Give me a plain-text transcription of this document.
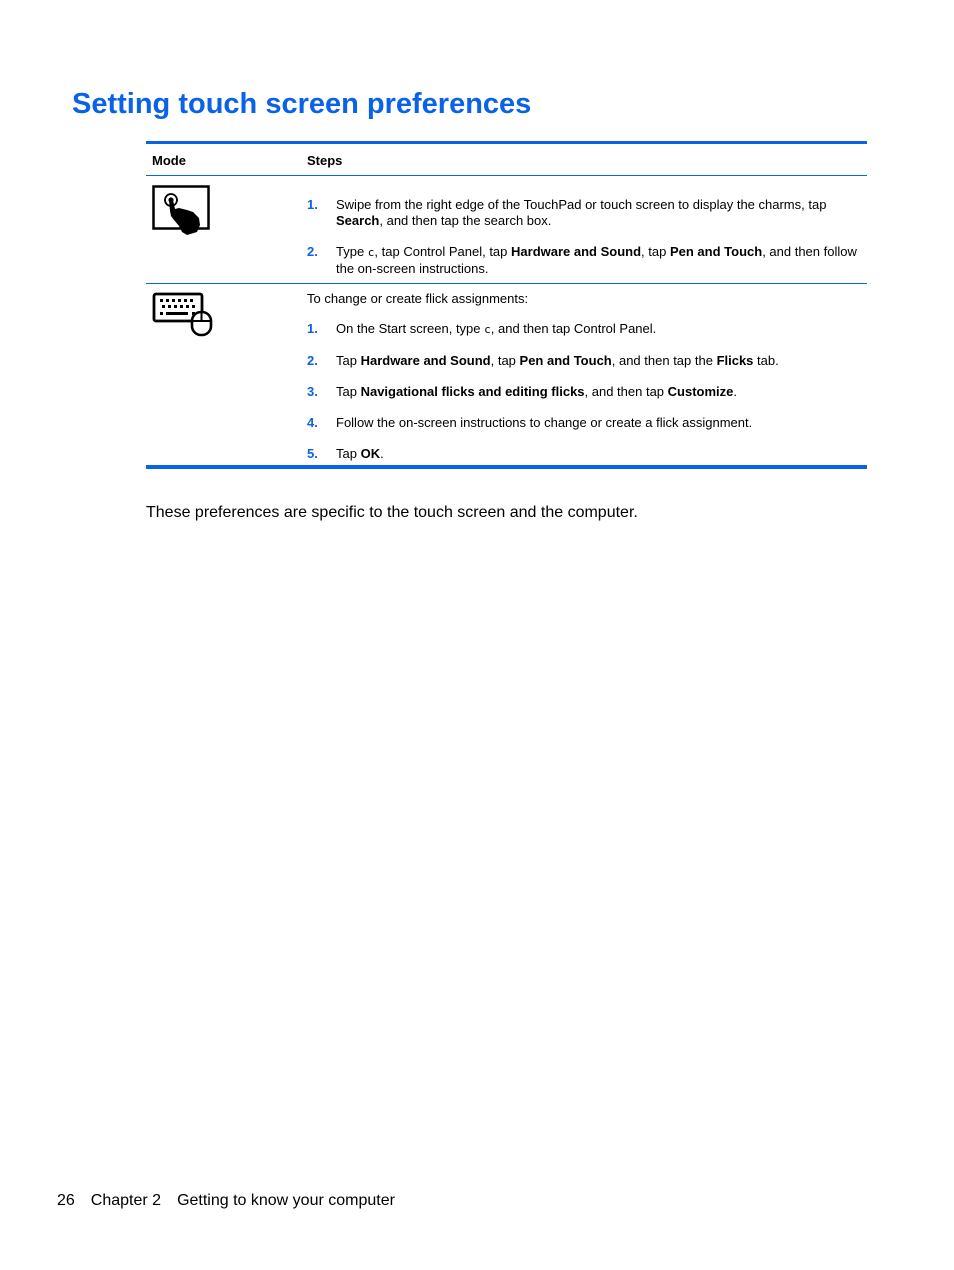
Setting touch screen preferences
Mode	Steps
1. Swipe from the right edge of the TouchPad or touch screen to display the charms, tap Search, and then tap the search box.
2. Type c, tap Control Panel, tap Hardware and Sound, tap Pen and Touch, and then follow the on-screen instructions.

To change or create flick assignments:

1. On the Start screen, type c, and then tap Control Panel.
2. Tap Hardware and Sound, tap Pen and Touch, and then tap the Flicks tab.
3. Tap Navigational flicks and editing flicks, and then tap Customize.
4. Follow the on-screen instructions to change or create a flick assignment.
5. Tap OK.

These preferences are specific to the touch screen and the computer.

26 Chapter 2 Getting to know your computer
